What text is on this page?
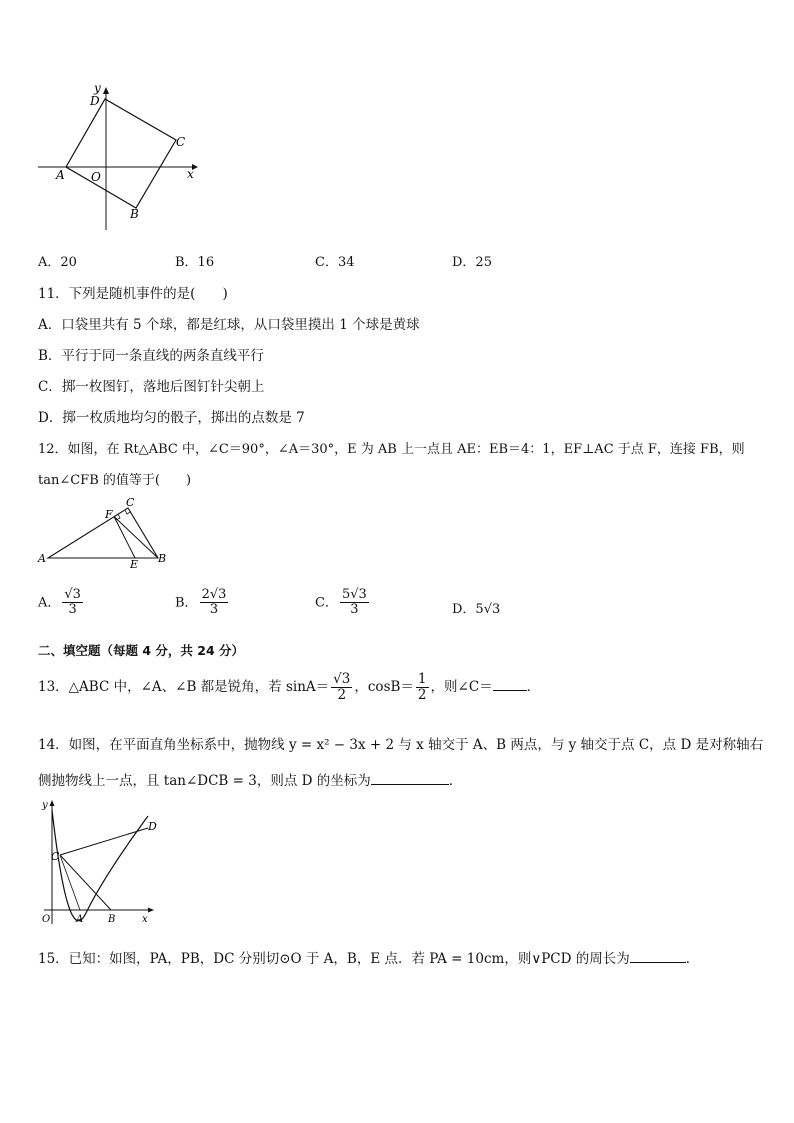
y
D
C
x
A O
B
A．20	B．16	C．34	D．25
11．下列是随机事件的是(　　)
A．口袋里共有 5 个球，都是红球，从口袋里摸出 1 个球是黄球
B．平行于同一条直线的两条直线平行
C．掷一枚图钉，落地后图钉针尖朝上
D．掷一枚质地均匀的骰子，掷出的点数是 7
12．如图，在 Rt△ABC 中，∠C＝90°，∠A＝30°，E 为 AB 上一点且 AE：EB＝4：1，EF⊥AC 于点 F，连接 FB，则
tan∠CFB 的值等于(　　)
C
F
A	E B
A． $\frac{√3}{3}$	B． $\frac{2√3}{3}$	C． $\frac{5√3}{3}$	D．5√3
二、填空题（每题 4 分，共 24 分）
13．△ABC 中，∠A、∠B 都是锐角，若 $\sin A= \frac{√3}{2}$ ，$\cos B= \frac{1}{2}$ ，则∠C＝	．
14．如图，在平面直角坐标系中，抛物线 y = x² − 3x + 2 与 x 轴交于 A、B 两点，与 y 轴交于点 C，点 D 是对称轴右
侧抛物线上一点，且 tan∠DCB = 3，则点 D 的坐标为	．
y
C
D
O	A B	x
15．已知：如图，PA，PB，DC 分别切⊙O 于 A，B，E 点．若 PA = 10cm，则∨PCD 的周长为	．
